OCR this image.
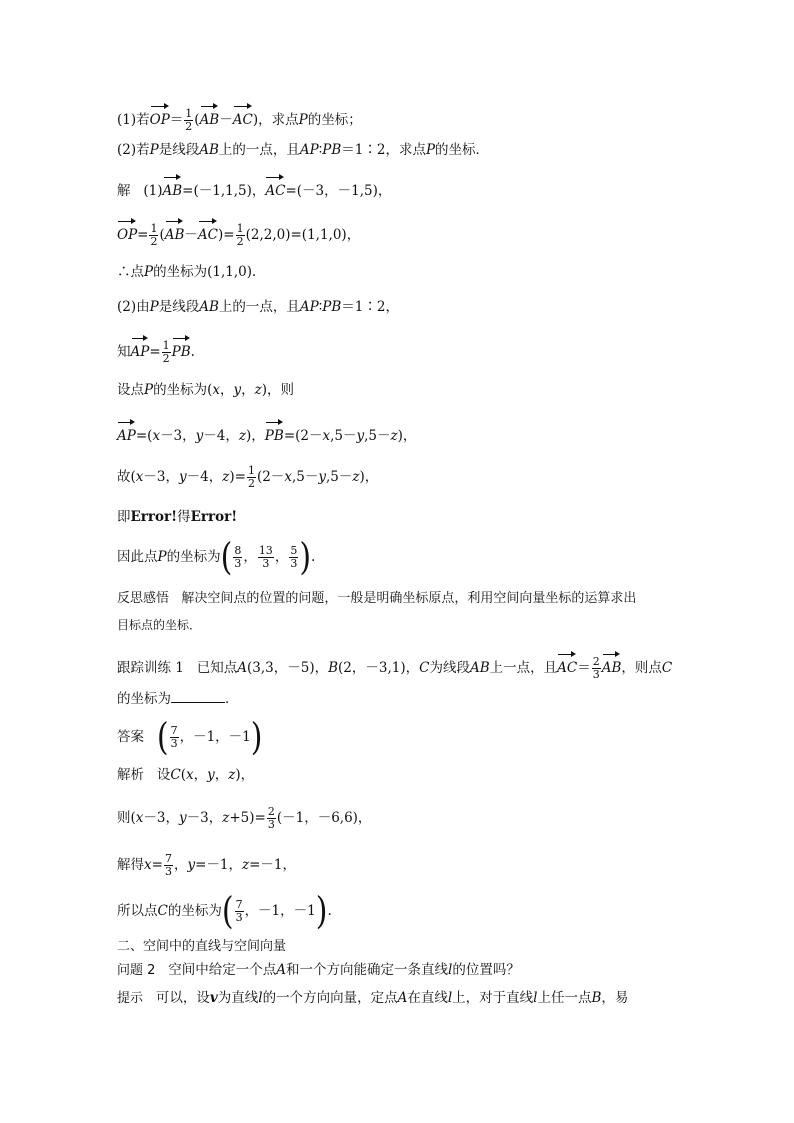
(1)若$OP= \frac{1}{2} (AB-AC)$，求点P的坐标；
(2)若P是线段AB上的一点，且AP∶PB＝1∶2，求点P的坐标．
解 (1)AB=(－1,1,5)，AC=(－3，－1,5)，
$OP= \frac{1}{2} (AB-AC)= \frac{1}{2} (2,2,0)=(1,1,0)$，
∴点P的坐标为(1,1,0)．
(2)由P是线段AB上的一点，且AP∶PB＝1∶2，
知$AP= \frac{1}{2}$ PB.
设点P的坐标为(x，y，z)，则
AP=(x－3，y－4，z)，PB=(2－x,5－y,5－z)，
故(x－3，y－4，$z)= \frac{1}{2} (2-x,5-y,5-z)$，
即Error!得Error!
因此点P的坐标为( $\frac{8}{3}$ ， $\frac{13}{3}$ ， $\frac{5}{3}$ ).
反思感悟 解决空间点的位置的问题，一般是明确坐标原点，利用空间向量坐标的运算求出
目标点的坐标．
跟踪训练 1 已知点A(3,3，－5)，B(2，－3,1)，C为线段AB上一点，且$AC= \frac{2}{3}$ AB，则点C
的坐标为	．
答案 ( $\frac{7}{3}$ ，－1，－1)
解析 设C(x，y，z)，
则(x－3，y－3，$z+5)= \frac{2}{3} (-1$，－6,6)，
解得$x= \frac{7}{3}$ ，y=－1，z=－1，
所以点C的坐标为( $\frac{7}{3}$ ，－1，－1).
二、空间中的直线与空间向量
问题 2 空间中给定一个点A和一个方向能确定一条直线l的位置吗？
提示 可以，设v为直线l的一个方向向量，定点A在直线l上，对于直线l上任一点B，易
